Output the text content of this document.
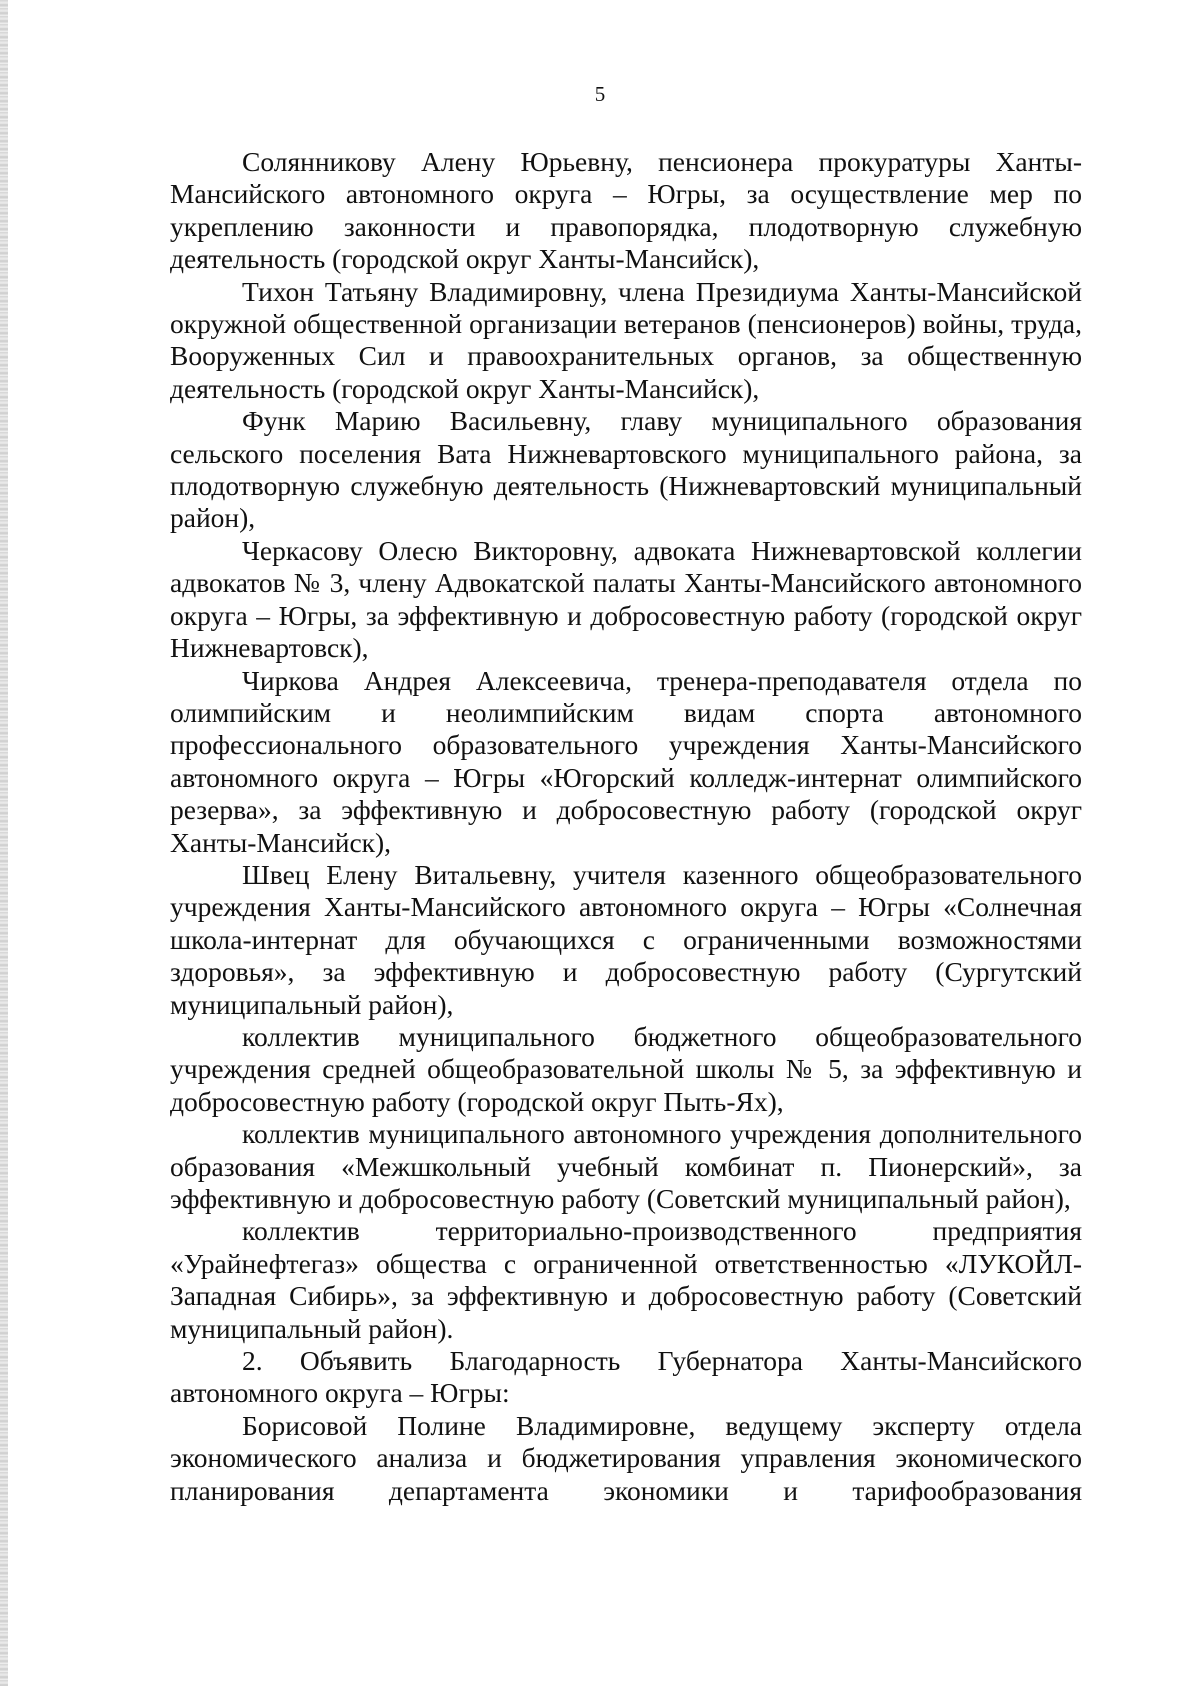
5

Солянникову Алену Юрьевну, пенсионера прокуратуры Ханты-Мансийского автономного округа – Югры, за осуществление мер по укреплению законности и правопорядка, плодотворную служебную деятельность (городской округ Ханты-Мансийск),

Тихон Татьяну Владимировну, члена Президиума Ханты-Мансийской окружной общественной организации ветеранов (пенсионеров) войны, труда, Вооруженных Сил и правоохранительных органов, за общественную деятельность (городской округ Ханты-Мансийск),

Функ Марию Васильевну, главу муниципального образования сельского поселения Вата Нижневартовского муниципального района, за плодотворную служебную деятельность (Нижневартовский муниципальный район),

Черкасову Олесю Викторовну, адвоката Нижневартовской коллегии адвокатов № 3, члену Адвокатской палаты Ханты-Мансийского автономного округа – Югры, за эффективную и добросовестную работу (городской округ Нижневартовск),

Чиркова Андрея Алексеевича, тренера-преподавателя отдела по олимпийским и неолимпийским видам спорта автономного профессионального образовательного учреждения Ханты-Мансийского автономного округа – Югры «Югорский колледж-интернат олимпийского резерва», за эффективную и добросовестную работу (городской округ Ханты-Мансийск),

Швец Елену Витальевну, учителя казенного общеобразовательного учреждения Ханты-Мансийского автономного округа – Югры «Солнечная школа-интернат для обучающихся с ограниченными возможностями здоровья», за эффективную и добросовестную работу (Сургутский муниципальный район),

коллектив муниципального бюджетного общеобразовательного учреждения средней общеобразовательной школы № 5, за эффективную и добросовестную работу (городской округ Пыть-Ях),

коллектив муниципального автономного учреждения дополнительного образования «Межшкольный учебный комбинат п. Пионерский», за эффективную и добросовестную работу (Советский муниципальный район),

коллектив территориально-производственного предприятия «Урайнефтегаз» общества с ограниченной ответственностью «ЛУКОЙЛ-Западная Сибирь», за эффективную и добросовестную работу (Советский муниципальный район).

2. Объявить Благодарность Губернатора Ханты-Мансийского автономного округа – Югры:

Борисовой Полине Владимировне, ведущему эксперту отдела экономического анализа и бюджетирования управления экономического планирования департамента экономики и тарифообразования
